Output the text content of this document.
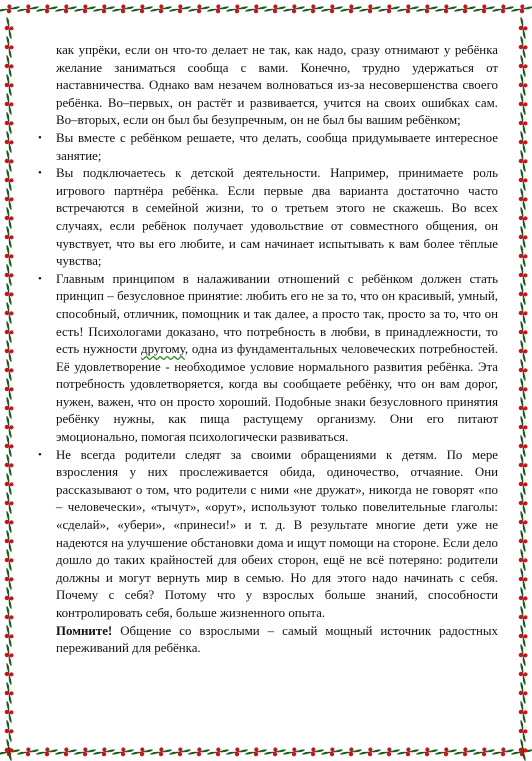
как упрёки, если он что-то делает не так, как надо, сразу отнимают у ребёнка желание заниматься сообща с вами. Конечно, трудно удержаться от наставничества. Однако вам незачем волноваться из-за несовершенства своего ребёнка. Во–первых, он растёт и развивается, учится на своих ошибках сам. Во–вторых, если он был бы безупречным, он не был бы вашим ребёнком;

• Вы вместе с ребёнком решаете, что делать, сообща придумываете интересное занятие;
• Вы подключаетесь к детской деятельности. Например, принимаете роль игрового партнёра ребёнка. Если первые два варианта достаточно часто встречаются в семейной жизни, то о третьем этого не скажешь. Во всех случаях, если ребёнок получает удовольствие от совместного общения, он чувствует, что вы его любите, и сам начинает испытывать к вам более тёплые чувства;
• Главным принципом в налаживании отношений с ребёнком должен стать принцип – безусловное принятие: любить его не за то, что он красивый, умный, способный, отличник, помощник и так далее, а просто так, просто за то, что он есть! Психологами доказано, что потребность в любви, в принадлежности, то есть нужности другому, одна из фундаментальных человеческих потребностей. Её удовлетворение - необходимое условие нормального развития ребёнка. Эта потребность удовлетворяется, когда вы сообщаете ребёнку, что он вам дорог, нужен, важен, что он просто хороший. Подобные знаки безусловного принятия ребёнку нужны, как пища растущему организму. Они его питают эмоционально, помогая психологически развиваться.
• Не всегда родители следят за своими обращениями к детям. По мере взросления у них прослеживается обида, одиночество, отчаяние. Они рассказывают о том, что родители с ними «не дружат», никогда не говорят «по – человечески», «тычут», «орут», используют только повелительные глаголы: «сделай», «убери», «принеси!» и т. д. В результате многие дети уже не надеются на улучшение обстановки дома и ищут помощи на стороне. Если дело дошло до таких крайностей для обеих сторон, ещё не всё потеряно: родители должны и могут вернуть мир в семью. Но для этого надо начинать с себя. Почему с себя? Потому что у взрослых больше знаний, способности контролировать себя, больше жизненного опыта.

Помните! Общение со взрослыми – самый мощный источник радостных переживаний для ребёнка.
